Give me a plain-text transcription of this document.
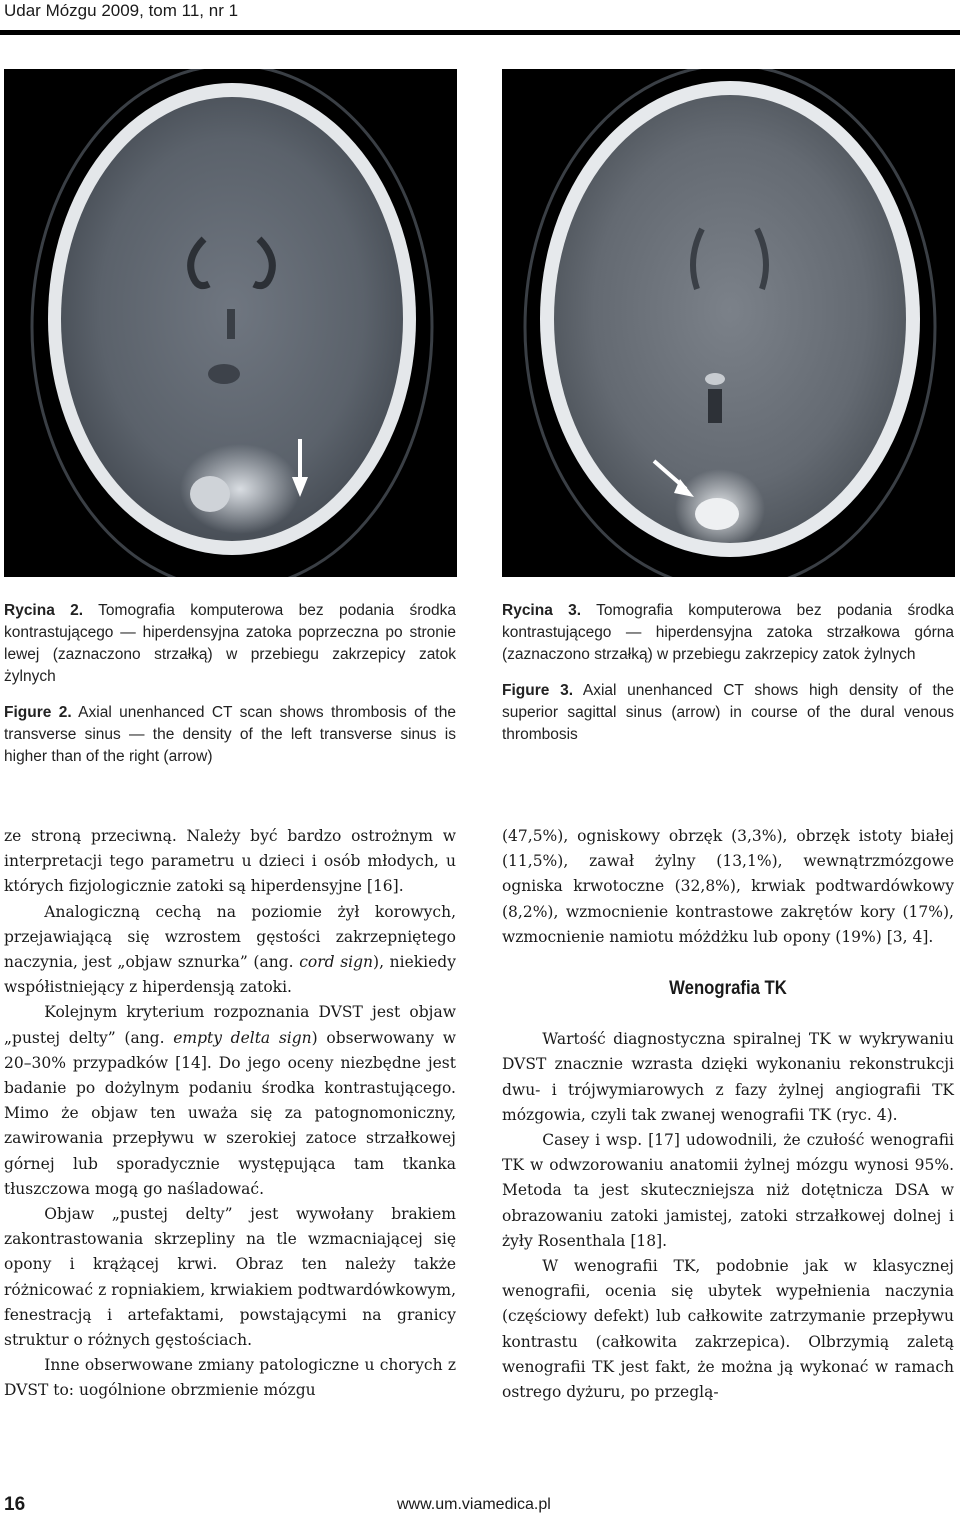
Udar Mózgu 2009, tom 11, nr 1

Rycina 2. Tomografia komputerowa bez podania środka kontrastującego — hiperdensyjna zatoka poprzeczna po stronie lewej (zaznaczono strzałką) w przebiegu zakrzepicy zatok żylnych

Figure 2. Axial unenhanced CT scan shows thrombosis of the transverse sinus — the density of the left transverse sinus is higher than of the right (arrow)

Rycina 3. Tomografia komputerowa bez podania środka kontrastującego — hiperdensyjna zatoka strzałkowa górna (zaznaczono strzałką) w przebiegu zakrzepicy zatok żylnych

Figure 3. Axial unenhanced CT shows high density of the superior sagittal sinus (arrow) in course of the dural venous thrombosis

ze stroną przeciwną. Należy być bardzo ostrożnym w interpretacji tego parametru u dzieci i osób młodych, u których fizjologicznie zatoki są hiperdensyjne [16].

Analogiczną cechą na poziomie żył korowych, przejawiającą się wzrostem gęstości zakrzepniętego naczynia, jest „objaw sznurka” (ang. cord sign), niekiedy współistniejący z hiperdensją zatoki.

Kolejnym kryterium rozpoznania DVST jest objaw „pustej delty” (ang. empty delta sign) obserwowany w 20–30% przypadków [14]. Do jego oceny niezbędne jest badanie po dożylnym podaniu środka kontrastującego. Mimo że objaw ten uważa się za patognomoniczny, zawirowania przepływu w szerokiej zatoce strzałkowej górnej lub sporadycznie występująca tam tkanka tłuszczowa mogą go naśladować.

Objaw „pustej delty” jest wywołany brakiem zakontrastowania skrzepliny na tle wzmacniającej się opony i krążącej krwi. Obraz ten należy także różnicować z ropniakiem, krwiakiem podtwardówkowym, fenestracją i artefaktami, powstającymi na granicy struktur o różnych gęstościach.

Inne obserwowane zmiany patologiczne u chorych z DVST to: uogólnione obrzmienie mózgu

(47,5%), ogniskowy obrzęk (3,3%), obrzęk istoty białej (11,5%), zawał żylny (13,1%), wewnątrzmózgowe ogniska krwotoczne (32,8%), krwiak podtwardówkowy (8,2%), wzmocnienie kontrastowe zakrętów kory (17%), wzmocnienie namiotu móżdżku lub opony (19%) [3, 4].

Wenografia TK

Wartość diagnostyczna spiralnej TK w wykrywaniu DVST znacznie wzrasta dzięki wykonaniu rekonstrukcji dwu- i trójwymiarowych z fazy żylnej angiografii TK mózgowia, czyli tak zwanej wenografii TK (ryc. 4).

Casey i wsp. [17] udowodnili, że czułość wenografii TK w odwzorowaniu anatomii żylnej mózgu wynosi 95%. Metoda ta jest skuteczniejsza niż dotętnicza DSA w obrazowaniu zatoki jamistej, zatoki strzałkowej dolnej i żyły Rosenthala [18].

W wenografii TK, podobnie jak w klasycznej wenografii, ocenia się ubytek wypełnienia naczynia (częściowy defekt) lub całkowite zatrzymanie przepływu kontrastu (całkowita zakrzepica). Olbrzymią zaletą wenografii TK jest fakt, że można ją wykonać w ramach ostrego dyżuru, po przeglą-

16	www.um.viamedica.pl
